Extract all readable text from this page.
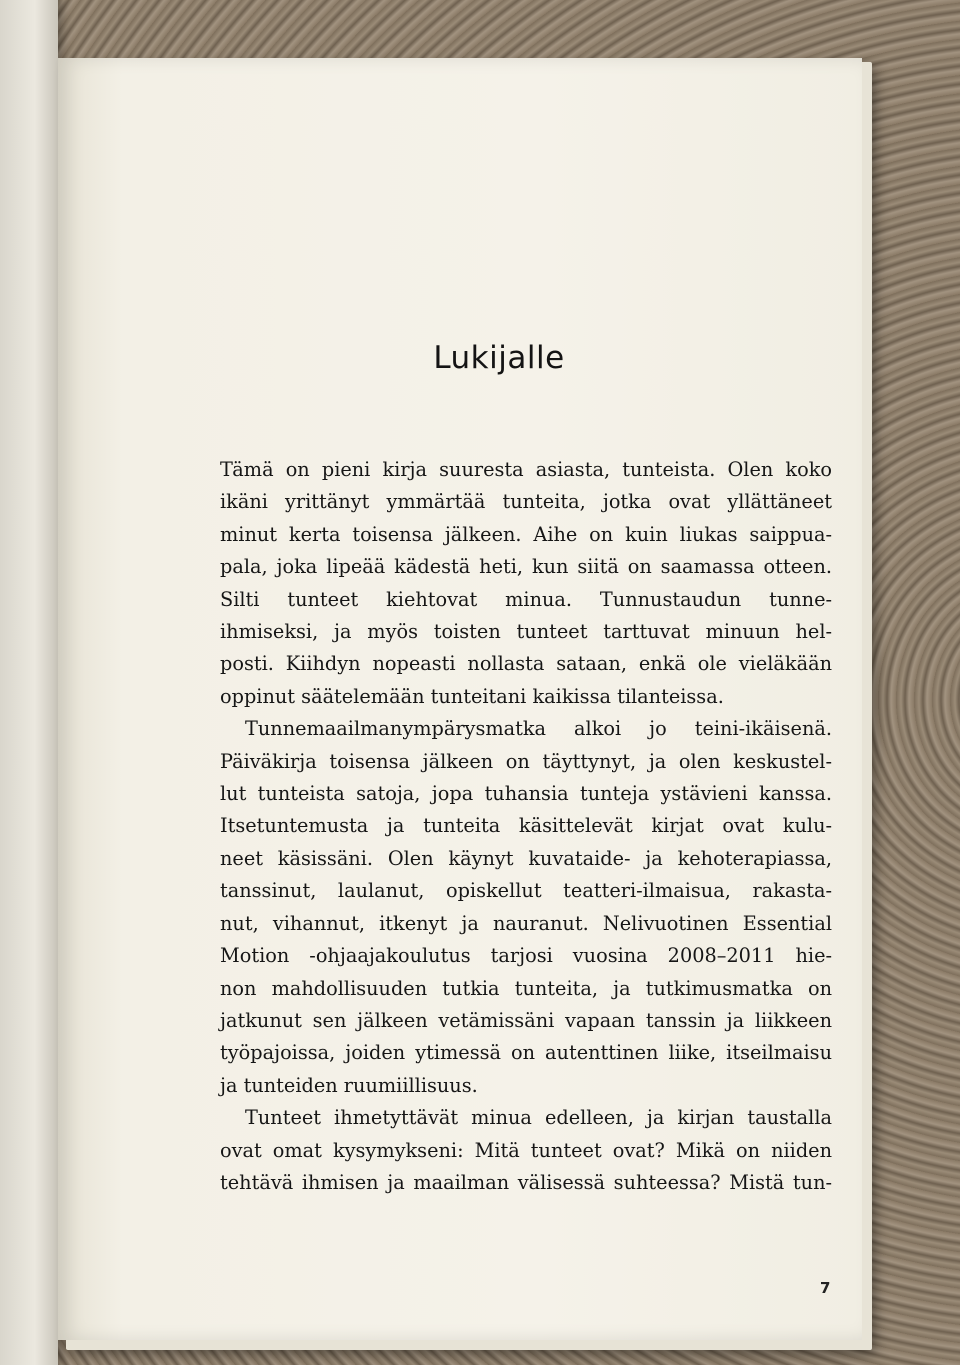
Lukijalle

Tämä on pieni kirja suuresta asiasta, tunteista. Olen koko
ikäni yrittänyt ymmärtää tunteita, jotka ovat yllättäneet
minut kerta toisensa jälkeen. Aihe on kuin liukas saippua-
pala, joka lipeää kädestä heti, kun siitä on saamassa otteen.
Silti tunteet kiehtovat minua. Tunnustaudun tunne-
ihmiseksi, ja myös toisten tunteet tarttuvat minuun hel-
posti. Kiihdyn nopeasti nollasta sataan, enkä ole vieläkään
oppinut säätelemään tunteitani kaikissa tilanteissa.

Tunnemaailmanympärysmatka alkoi jo teini-ikäisenä.
Päiväkirja toisensa jälkeen on täyttynyt, ja olen keskustel-
lut tunteista satoja, jopa tuhansia tunteja ystävieni kanssa.
Itsetuntemusta ja tunteita käsittelevät kirjat ovat kulu-
neet käsissäni. Olen käynyt kuvataide- ja kehoterapiassa,
tanssinut, laulanut, opiskellut teatteri-ilmaisua, rakasta-
nut, vihannut, itkenyt ja nauranut. Nelivuotinen Essential
Motion -ohjaajakoulutus tarjosi vuosina 2008–2011 hie-
non mahdollisuuden tutkia tunteita, ja tutkimusmatka on
jatkunut sen jälkeen vetämissäni vapaan tanssin ja liikkeen
työpajoissa, joiden ytimessä on autenttinen liike, itseilmaisu
ja tunteiden ruumiillisuus.

Tunteet ihmetyttävät minua edelleen, ja kirjan taustalla
ovat omat kysymykseni: Mitä tunteet ovat? Mikä on niiden
tehtävä ihmisen ja maailman välisessä suhteessa? Mistä tun-

7
